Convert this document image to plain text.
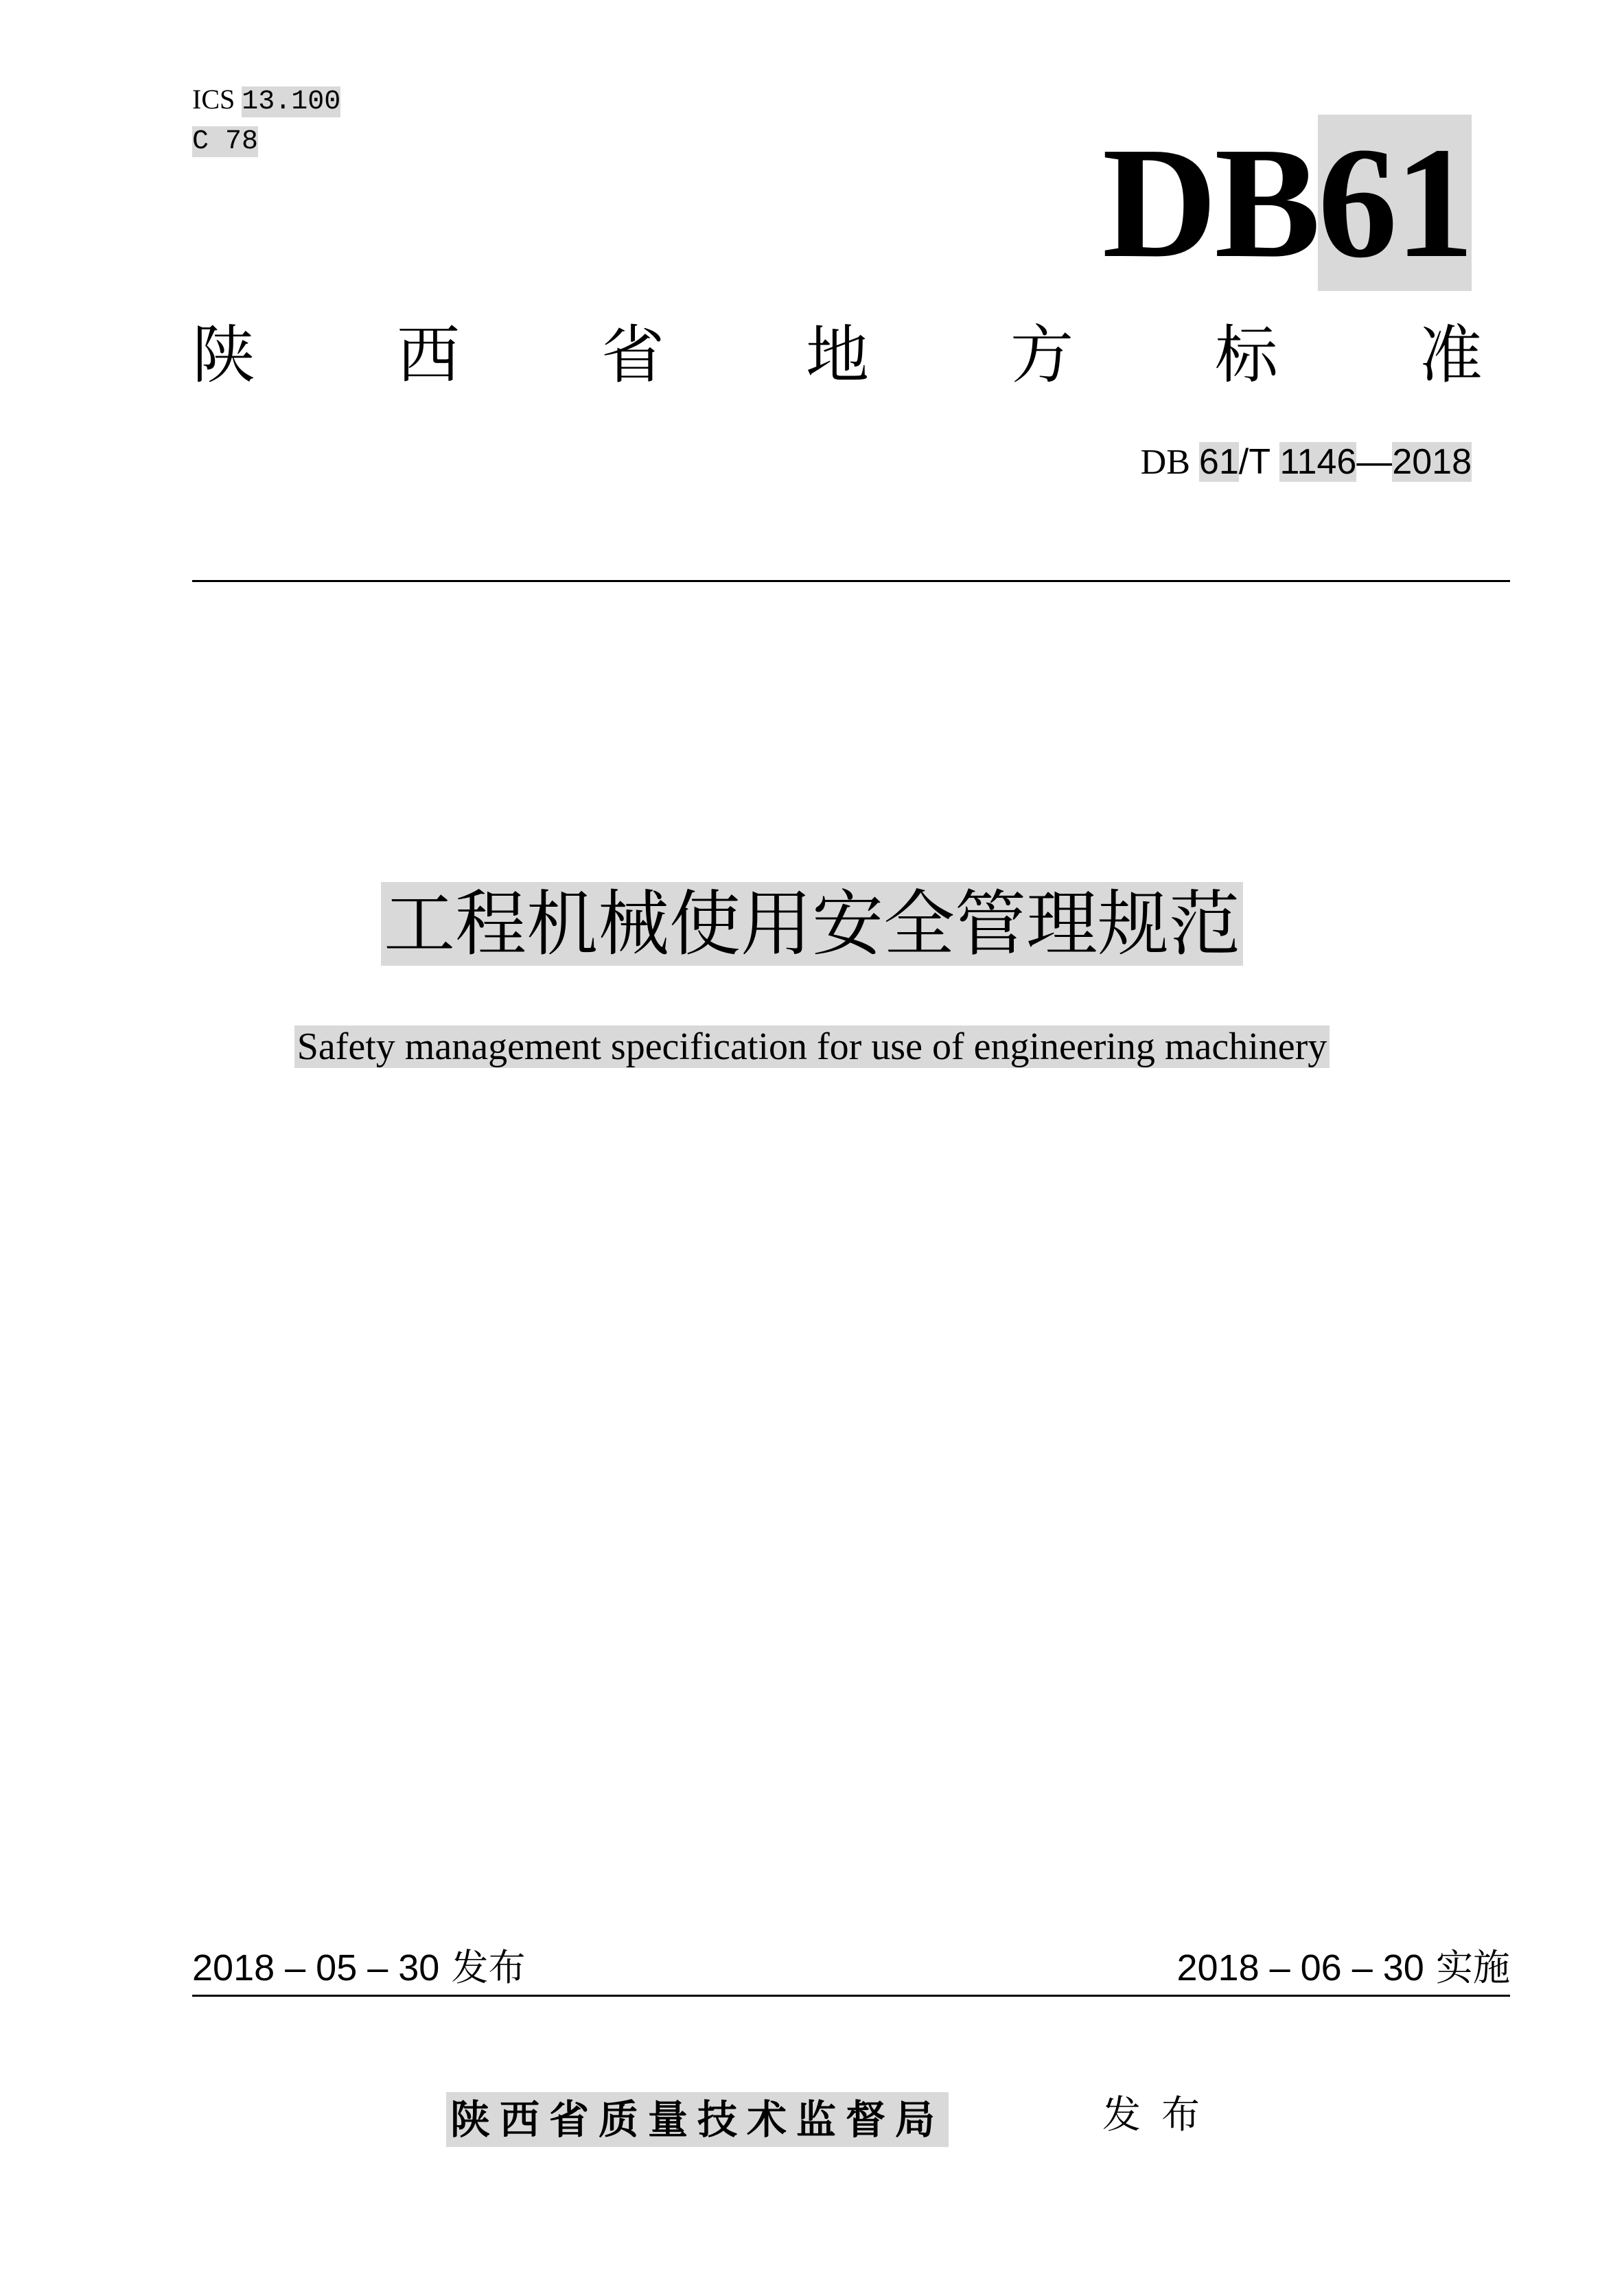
ICS 13.100
C 78	DB61
陕 西 省 地 方 标 准
DB 61/T 1146—2018
工程机械使用安全管理规范
Safety management specification for use of engineering machinery
2018 – 05 – 30 发布	2018 – 06 – 30 实施
陕西省质量技术监督局	发布
